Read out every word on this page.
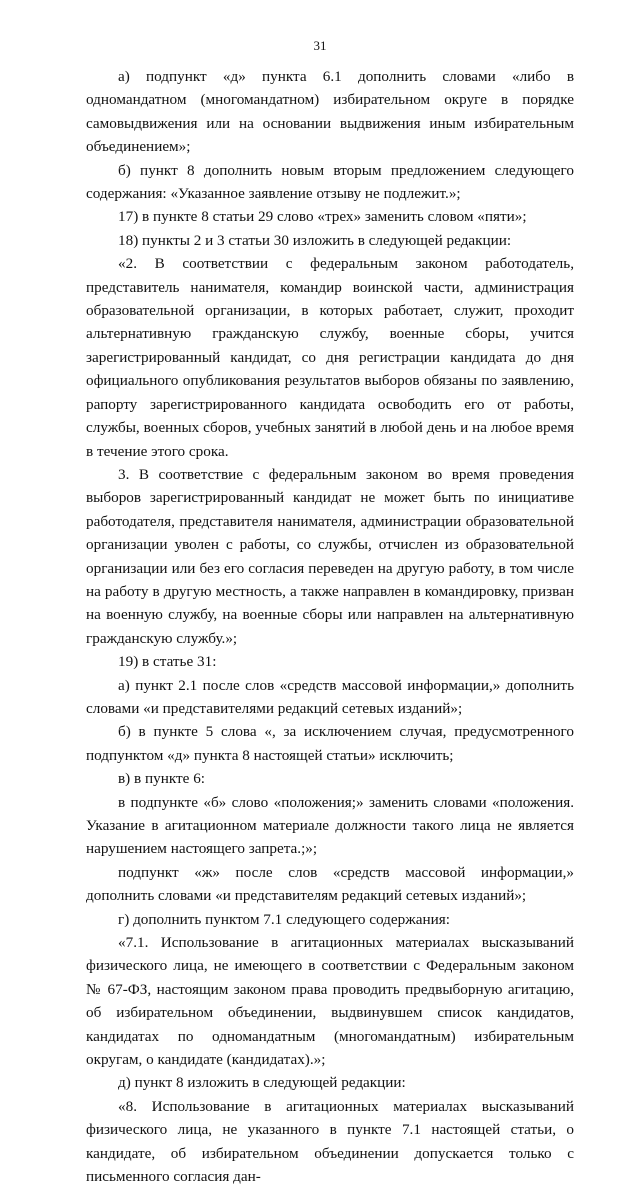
31

а) подпункт «д» пункта 6.1 дополнить словами «либо в одномандатном (многомандатном) избирательном округе в порядке самовыдвижения или на основании выдвижения иным избирательным объединением»;

б) пункт 8 дополнить новым вторым предложением следующего содержания: «Указанное заявление отзыву не подлежит.»;

17) в пункте 8 статьи 29 слово «трех» заменить словом «пяти»;

18) пункты 2 и 3 статьи 30 изложить в следующей редакции:

«2. В соответствии с федеральным законом работодатель, представитель нанимателя, командир воинской части, администрация образовательной организации, в которых работает, служит, проходит альтернативную гражданскую службу, военные сборы, учится зарегистрированный кандидат, со дня регистрации кандидата до дня официального опубликования результатов выборов обязаны по заявлению, рапорту зарегистрированного кандидата освободить его от работы, службы, военных сборов, учебных занятий в любой день и на любое время в течение этого срока.

3. В соответствие с федеральным законом во время проведения выборов зарегистрированный кандидат не может быть по инициативе работодателя, представителя нанимателя, администрации образовательной организации уволен с работы, со службы, отчислен из образовательной организации или без его согласия переведен на другую работу, в том числе на работу в другую местность, а также направлен в командировку, призван на военную службу, на военные сборы или направлен на альтернативную гражданскую службу.»;

19) в статье 31:

а) пункт 2.1 после слов «средств массовой информации,» дополнить словами «и представителями редакций сетевых изданий»;

б) в пункте 5 слова «, за исключением случая, предусмотренного подпунктом «д» пункта 8 настоящей статьи» исключить;

в) в пункте 6:

в подпункте «б» слово «положения;» заменить словами «положения. Указание в агитационном материале должности такого лица не является нарушением настоящего запрета.;»;

подпункт «ж» после слов «средств массовой информации,» дополнить словами «и представителям редакций сетевых изданий»;

г) дополнить пунктом 7.1 следующего содержания:

«7.1. Использование в агитационных материалах высказываний физического лица, не имеющего в соответствии с Федеральным законом № 67-ФЗ, настоящим законом права проводить предвыборную агитацию, об избирательном объединении, выдвинувшем список кандидатов, кандидатах по одномандатным (многомандатным) избирательным округам, о кандидате (кандидатах).»;

д) пункт 8 изложить в следующей редакции:

«8. Использование в агитационных материалах высказываний физического лица, не указанного в пункте 7.1 настоящей статьи, о кандидате, об избирательном объединении допускается только с письменного согласия дан-
